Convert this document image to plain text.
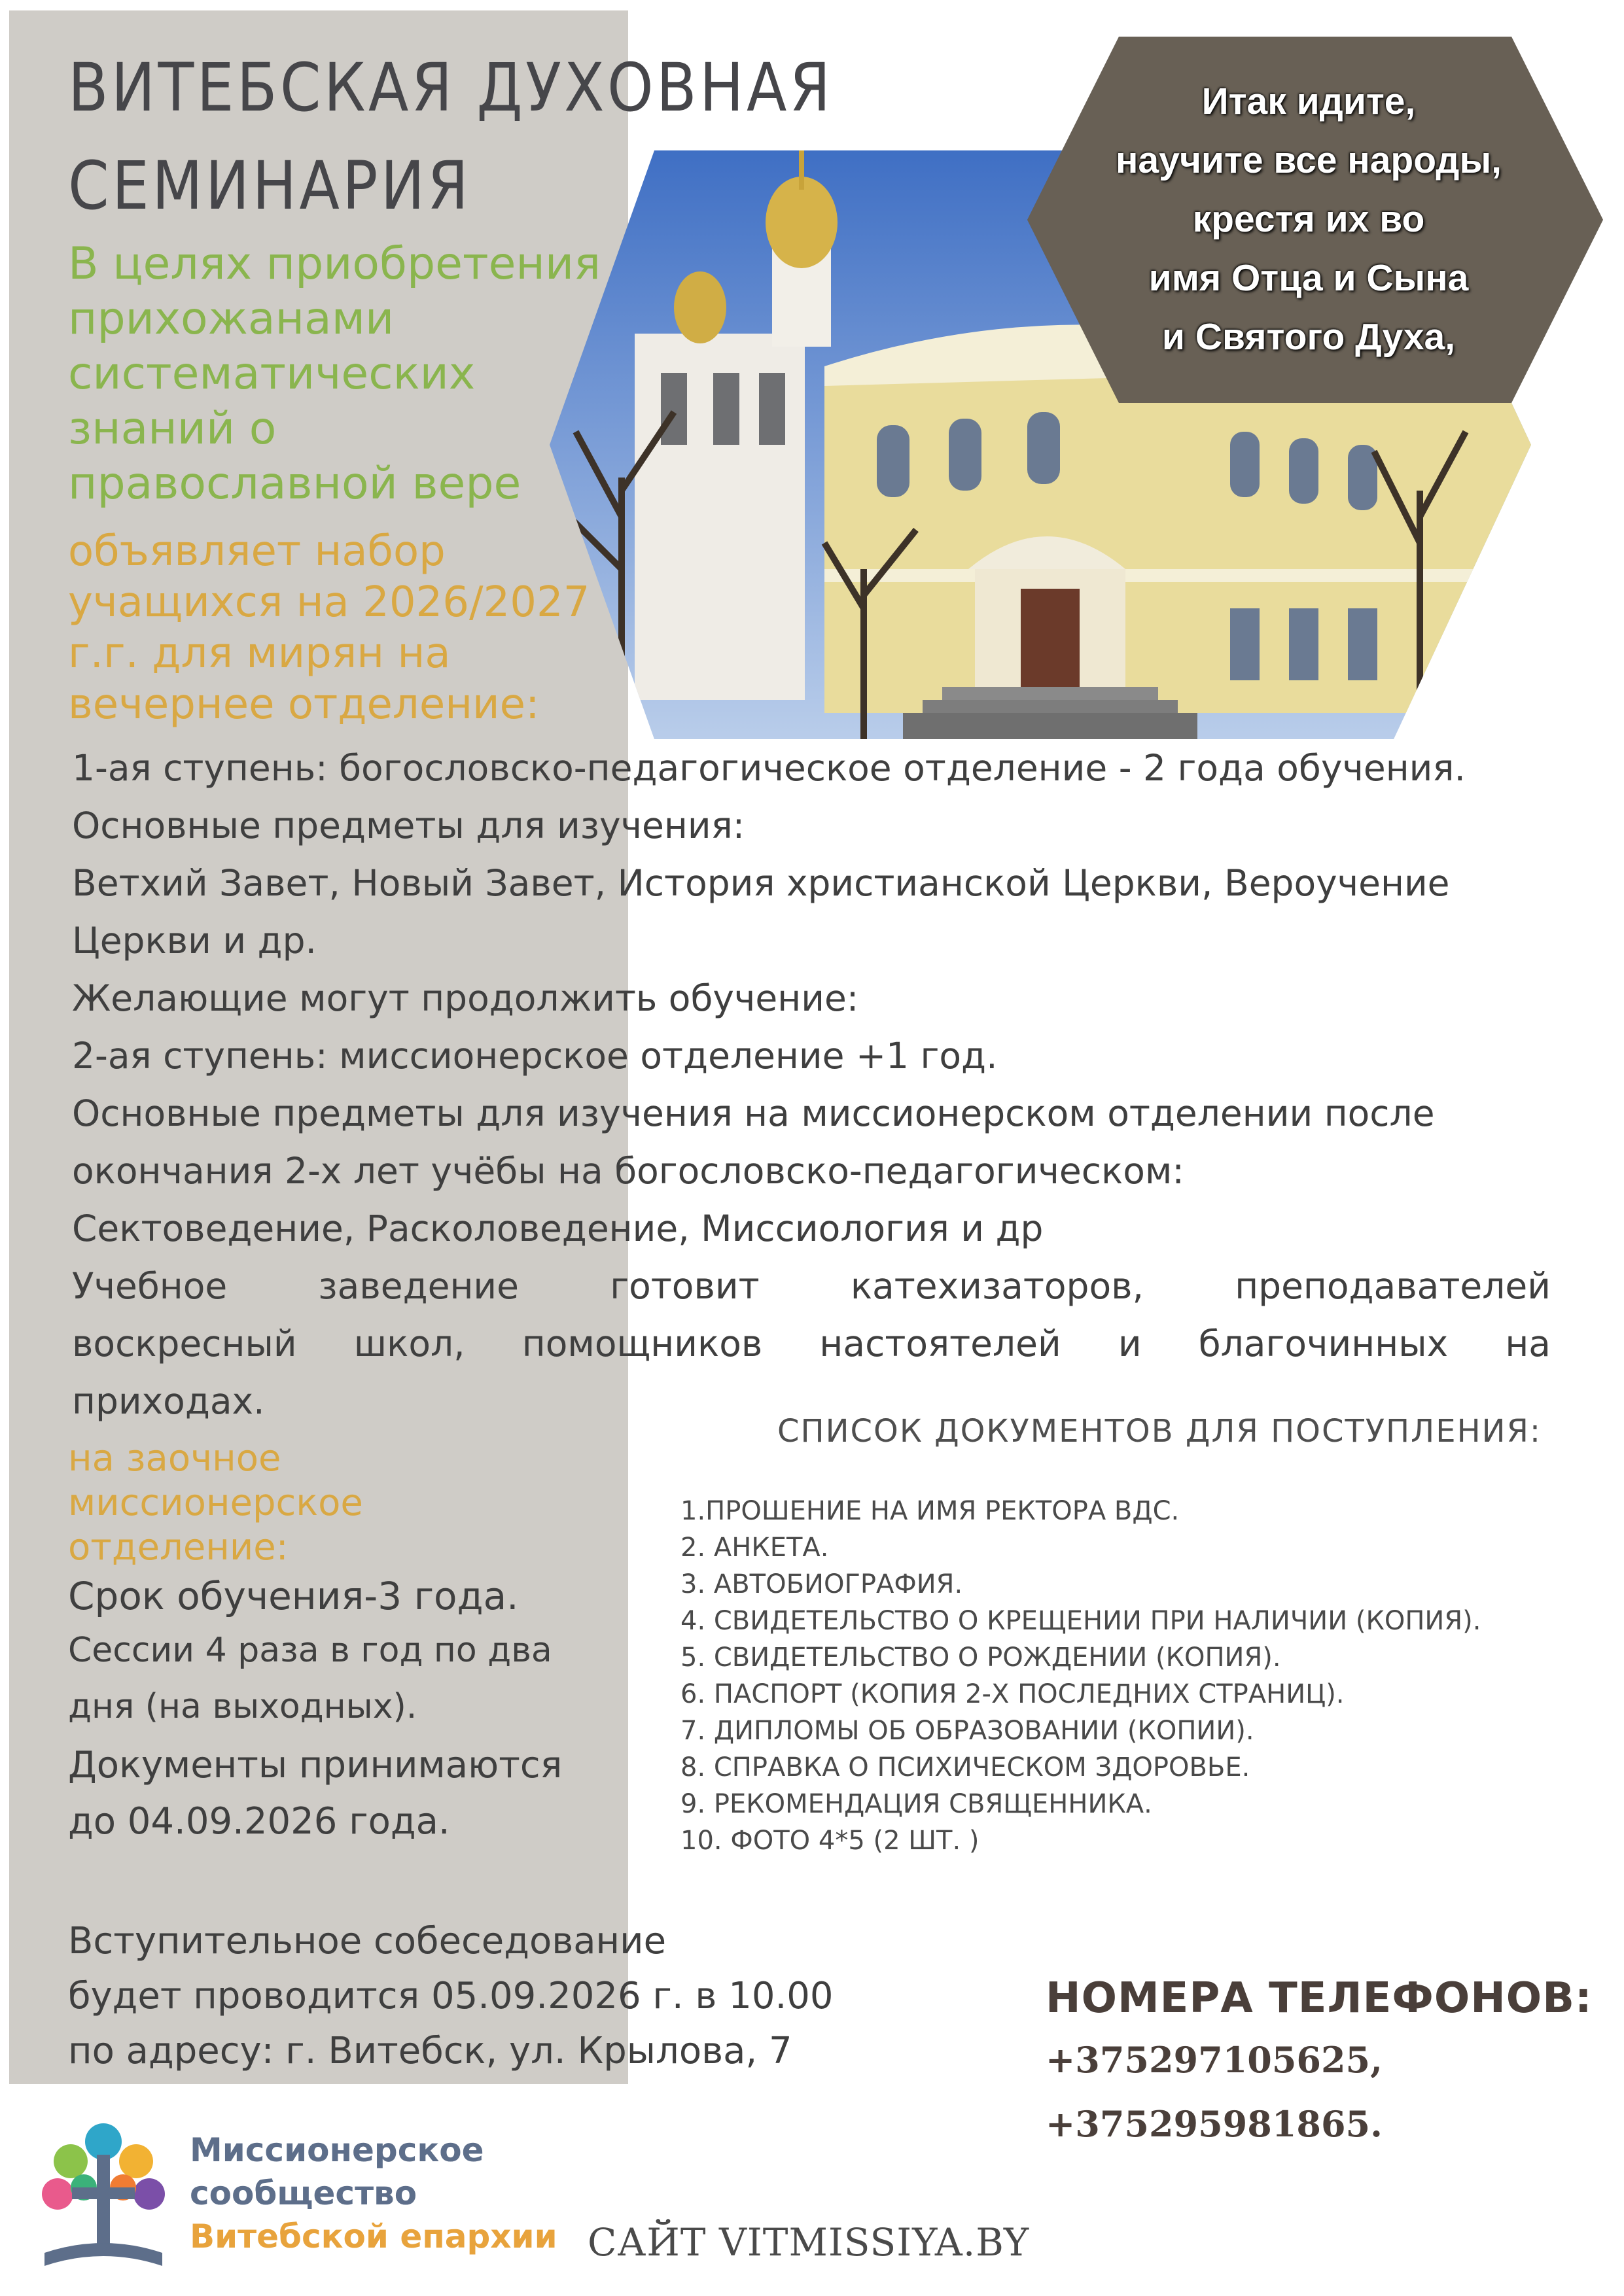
Итак идите,
научите все народы,
крестя их во
имя Отца и Сына
и Святого Духа,
ВИТЕБСКАЯ ДУХОВНАЯ
СЕМИНАРИЯ
В целях приобретения
прихожанами
систематических
знаний о
православной вере
объявляет набор
учащихся на 2026/2027
г.г. для мирян на
вечернее отделение:

1-ая ступень: богословско-педагогическое отделение - 2 года обучения.

Основные предметы для изучения:

Ветхий Завет, Новый Завет, История христианской Церкви, Вероучение Церкви и др.

Желающие могут продолжить обучение:

2-ая ступень: миссионерское отделение +1 год.

Основные предметы для изучения на миссионерском отделении после окончания 2-х лет учёбы на богословско-педагогическом:

Сектоведение, Расколоведение, Миссиология и др

Учебное заведение готовит катехизаторов, преподавателей

воскресный школ, помощников настоятелей и благочинных на

приходах.

на заочное
миссионерское
отделение:
Срок обучения-3 года.
Сессии 4 раза в год по два
дня (на выходных).
Документы принимаются
до 04.09.2026 года.
Вступительное собеседование
будет проводится 05.09.2026 г. в 10.00
по адресу: г. Витебск, ул. Крылова, 7
СПИСОК ДОКУМЕНТОВ ДЛЯ ПОСТУПЛЕНИЯ:
1.ПРОШЕНИЕ НА ИМЯ РЕКТОРА ВДС.
2. АНКЕТА.
3. АВТОБИОГРАФИЯ.
4. СВИДЕТЕЛЬСТВО О КРЕЩЕНИИ ПРИ НАЛИЧИИ (КОПИЯ).
5. СВИДЕТЕЛЬСТВО О РОЖДЕНИИ (КОПИЯ).
6. ПАСПОРТ (КОПИЯ 2-Х ПОСЛЕДНИХ СТРАНИЦ).
7. ДИПЛОМЫ ОБ ОБРАЗОВАНИИ (КОПИИ).
8. СПРАВКА О ПСИХИЧЕСКОМ ЗДОРОВЬЕ.
9. РЕКОМЕНДАЦИЯ СВЯЩЕННИКА.
10. ФОТО 4*5 (2 ШТ. )
НОМЕРА ТЕЛЕФОНОВ:
+375297105625,
+375295981865.
Миссионерское
сообщество
Витебской епархии САЙТ VITMISSIYA.BY
